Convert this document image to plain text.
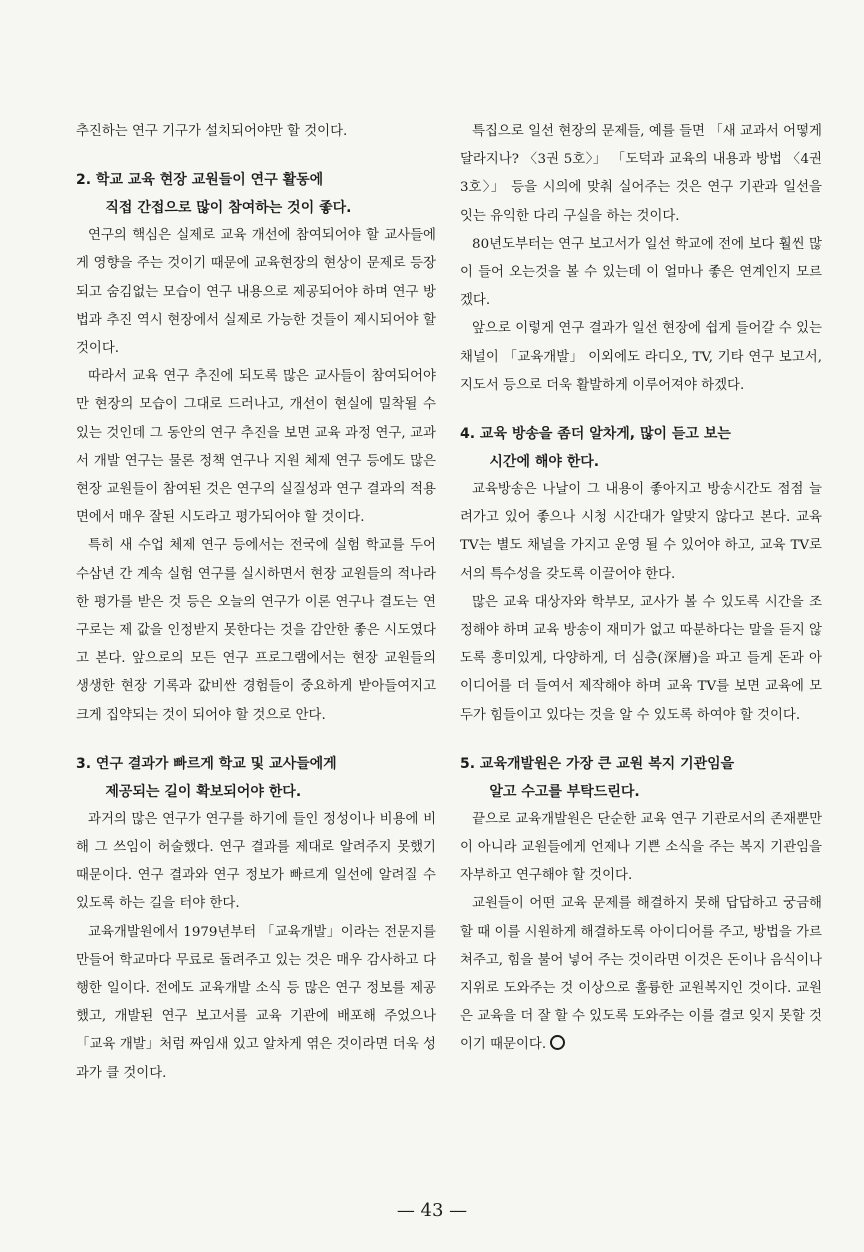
추진하는 연구 기구가 설치되어야만 할 것이다.

2. 학교 교육 현장 교원들이 연구 활동에
직접 간접으로 많이 참여하는 것이 좋다.

연구의 핵심은 실제로 교육 개선에 참여되어야 할 교사들에게 영향을 주는 것이기 때문에 교육현장의 현상이 문제로 등장되고 숨김없는 모습이 연구 내용으로 제공되어야 하며 연구 방법과 추진 역시 현장에서 실제로 가능한 것들이 제시되어야 할 것이다.

따라서 교육 연구 추진에 되도록 많은 교사들이 참여되어야만 현장의 모습이 그대로 드러나고, 개선이 현실에 밀착될 수 있는 것인데 그 동안의 연구 추진을 보면 교육 과정 연구, 교과서 개발 연구는 물론 정책 연구나 지원 체제 연구 등에도 많은 현장 교원들이 참여된 것은 연구의 실질성과 연구 결과의 적용면에서 매우 잘된 시도라고 평가되어야 할 것이다.

특히 새 수업 체제 연구 등에서는 전국에 실험 학교를 두어 수삼년 간 계속 실험 연구를 실시하면서 현장 교원들의 적나라한 평가를 받은 것 등은 오늘의 연구가 이론 연구나 결도는 연구로는 제 값을 인정받지 못한다는 것을 감안한 좋은 시도였다고 본다. 앞으로의 모든 연구 프로그램에서는 현장 교원들의 생생한 현장 기록과 값비싼 경험들이 중요하게 받아들여지고 크게 집약되는 것이 되어야 할 것으로 안다.

3. 연구 결과가 빠르게 학교 및 교사들에게
제공되는 길이 확보되어야 한다.

과거의 많은 연구가 연구를 하기에 들인 정성이나 비용에 비해 그 쓰임이 허술했다. 연구 결과를 제대로 알려주지 못했기 때문이다. 연구 결과와 연구 정보가 빠르게 일선에 알려질 수 있도록 하는 길을 터야 한다.

교육개발원에서 1979년부터 「교육개발」이라는 전문지를 만들어 학교마다 무료로 돌려주고 있는 것은 매우 감사하고 다행한 일이다. 전에도 교육개발 소식 등 많은 연구 정보를 제공했고, 개발된 연구 보고서를 교육 기관에 배포해 주었으나 「교육 개발」처럼 짜임새 있고 알차게 엮은 것이라면 더욱 성과가 클 것이다.

특집으로 일선 현장의 문제들, 예를 들면 「새 교과서 어떻게 달라지나? 〈3권 5호〉」 「도덕과 교육의 내용과 방법 〈4권 3호〉」 등을 시의에 맞춰 실어주는 것은 연구 기관과 일선을 잇는 유익한 다리 구실을 하는 것이다.

80년도부터는 연구 보고서가 일선 학교에 전에 보다 훨씬 많이 들어 오는것을 볼 수 있는데 이 얼마나 좋은 연계인지 모르겠다.

앞으로 이렇게 연구 결과가 일선 현장에 쉽게 들어갈 수 있는 채널이 「교육개발」 이외에도 라디오, TV, 기타 연구 보고서, 지도서 등으로 더욱 활발하게 이루어져야 하겠다.

4. 교육 방송을 좀더 알차게, 많이 듣고 보는
시간에 해야 한다.

교육방송은 나날이 그 내용이 좋아지고 방송시간도 점점 늘려가고 있어 좋으나 시청 시간대가 알맞지 않다고 본다. 교육 TV는 별도 채널을 가지고 운영 될 수 있어야 하고, 교육 TV로서의 특수성을 갖도록 이끌어야 한다.

많은 교육 대상자와 학부모, 교사가 볼 수 있도록 시간을 조정해야 하며 교육 방송이 재미가 없고 따분하다는 말을 듣지 않도록 흥미있게, 다양하게, 더 심층(深層)을 파고 들게 돈과 아이디어를 더 들여서 제작해야 하며 교육 TV를 보면 교육에 모두가 힘들이고 있다는 것을 알 수 있도록 하여야 할 것이다.

5. 교육개발원은 가장 큰 교원 복지 기관임을
알고 수고를 부탁드린다.

끝으로 교육개발원은 단순한 교육 연구 기관로서의 존재뿐만이 아니라 교원들에게 언제나 기쁜 소식을 주는 복지 기관임을 자부하고 연구해야 할 것이다.

교원들이 어떤 교육 문제를 해결하지 못해 답답하고 궁금해 할 때 이를 시원하게 해결하도록 아이디어를 주고, 방법을 가르쳐주고, 힘을 불어 넣어 주는 것이라면 이것은 돈이나 음식이나 지위로 도와주는 것 이상으로 훌륭한 교원복지인 것이다. 교원은 교육을 더 잘 할 수 있도록 도와주는 이를 결코 잊지 못할 것이기 때문이다.

— 43 —
